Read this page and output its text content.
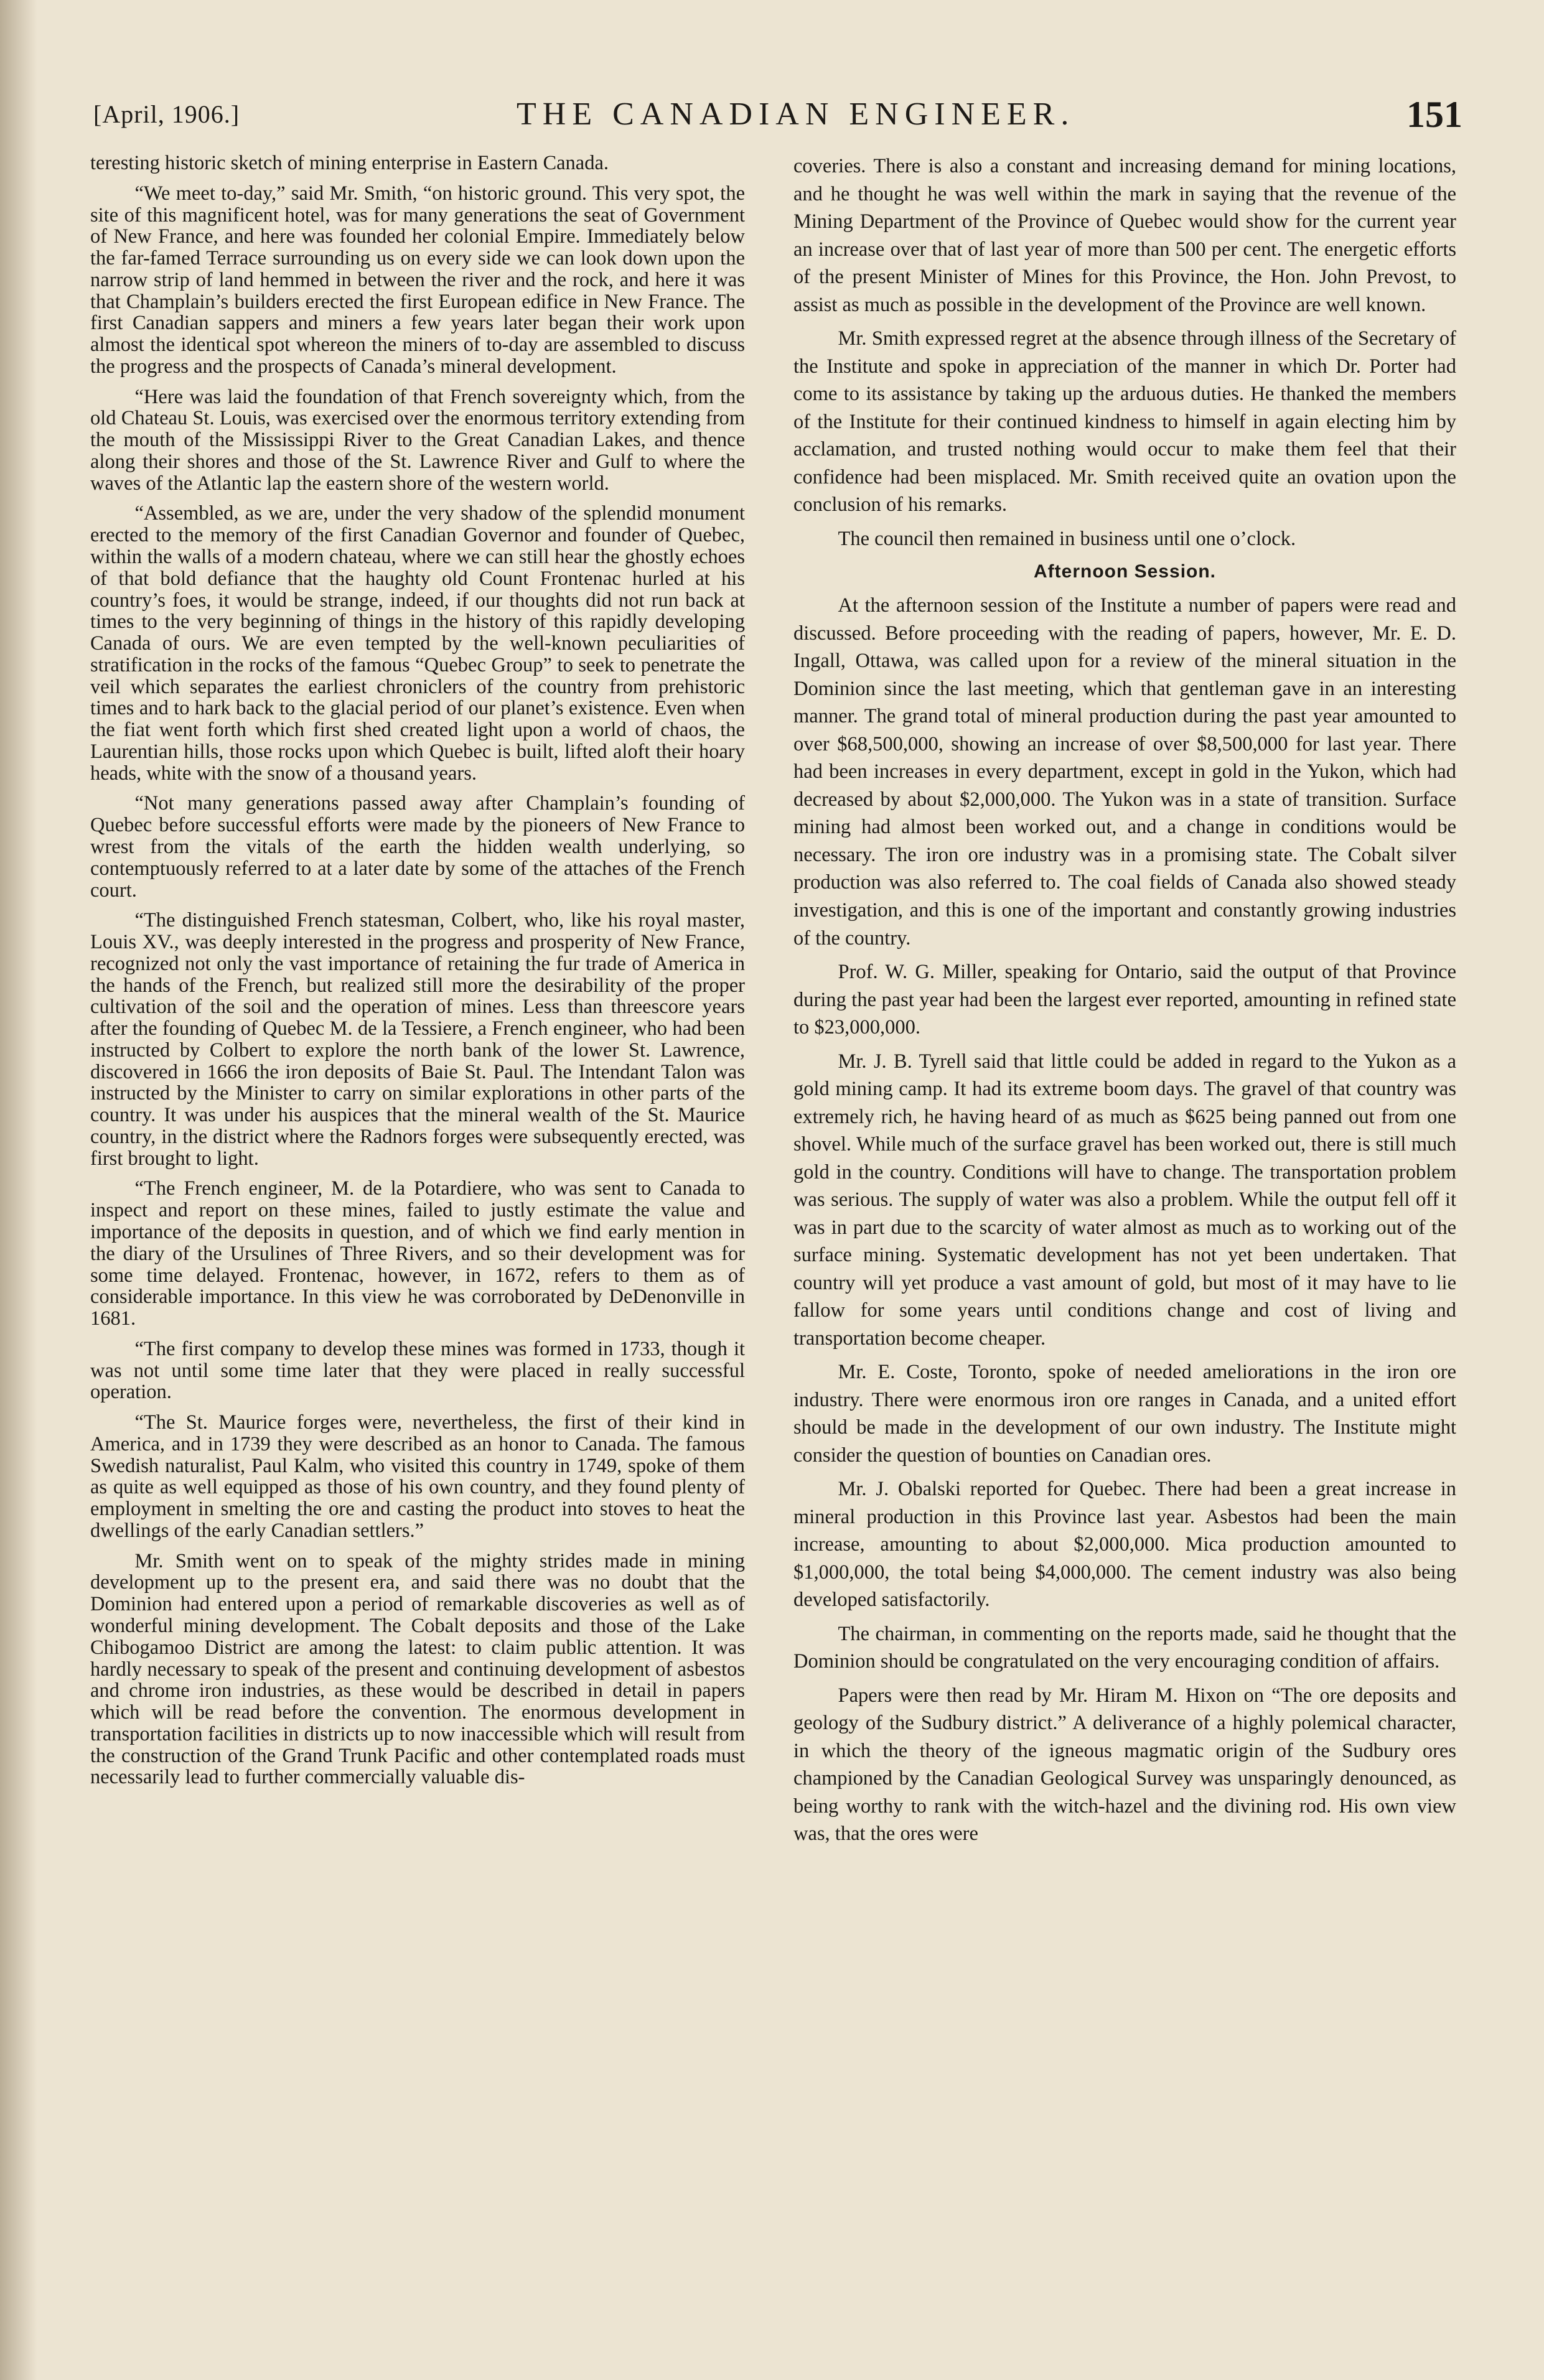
[April, 1906.]	THE CANADIAN ENGINEER.	151

teresting historic sketch of mining enterprise in Eastern Canada.

“We meet to-day,” said Mr. Smith, “on historic ground. This very spot, the site of this magnificent hotel, was for many generations the seat of Government of New France, and here was founded her colonial Empire. Immediately below the far-famed Terrace surrounding us on every side we can look down upon the narrow strip of land hemmed in between the river and the rock, and here it was that Champlain’s builders erected the first European edifice in New France. The first Canadian sappers and miners a few years later began their work upon almost the identical spot whereon the miners of to-day are assembled to discuss the progress and the prospects of Canada’s mineral development.

“Here was laid the foundation of that French sovereignty which, from the old Chateau St. Louis, was exercised over the enormous territory extending from the mouth of the Mississippi River to the Great Canadian Lakes, and thence along their shores and those of the St. Lawrence River and Gulf to where the waves of the Atlantic lap the eastern shore of the western world.

“Assembled, as we are, under the very shadow of the splendid monument erected to the memory of the first Canadian Governor and founder of Quebec, within the walls of a modern chateau, where we can still hear the ghostly echoes of that bold defiance that the haughty old Count Frontenac hurled at his country’s foes, it would be strange, indeed, if our thoughts did not run back at times to the very beginning of things in the history of this rapidly developing Canada of ours. We are even tempted by the well-known peculiarities of stratification in the rocks of the famous “Quebec Group” to seek to penetrate the veil which separates the earliest chroniclers of the country from prehistoric times and to hark back to the glacial period of our planet’s existence. Even when the fiat went forth which first shed created light upon a world of chaos, the Laurentian hills, those rocks upon which Quebec is built, lifted aloft their hoary heads, white with the snow of a thousand years.

“Not many generations passed away after Champlain’s founding of Quebec before successful efforts were made by the pioneers of New France to wrest from the vitals of the earth the hidden wealth underlying, so contemptuously referred to at a later date by some of the attaches of the French court.

“The distinguished French statesman, Colbert, who, like his royal master, Louis XV., was deeply interested in the progress and prosperity of New France, recognized not only the vast importance of retaining the fur trade of America in the hands of the French, but realized still more the desirability of the proper cultivation of the soil and the operation of mines. Less than threescore years after the founding of Quebec M. de la Tessiere, a French engineer, who had been instructed by Colbert to explore the north bank of the lower St. Lawrence, discovered in 1666 the iron deposits of Baie St. Paul. The Intendant Talon was instructed by the Minister to carry on similar explorations in other parts of the country. It was under his auspices that the mineral wealth of the St. Maurice country, in the district where the Radnors forges were subsequently erected, was first brought to light.

“The French engineer, M. de la Potardiere, who was sent to Canada to inspect and report on these mines, failed to justly estimate the value and importance of the deposits in question, and of which we find early mention in the diary of the Ursulines of Three Rivers, and so their development was for some time delayed. Frontenac, however, in 1672, refers to them as of considerable importance. In this view he was corroborated by DeDenonville in 1681.

“The first company to develop these mines was formed in 1733, though it was not until some time later that they were placed in really successful operation.

“The St. Maurice forges were, nevertheless, the first of their kind in America, and in 1739 they were described as an honor to Canada. The famous Swedish naturalist, Paul Kalm, who visited this country in 1749, spoke of them as quite as well equipped as those of his own country, and they found plenty of employment in smelting the ore and casting the product into stoves to heat the dwellings of the early Canadian settlers.”

Mr. Smith went on to speak of the mighty strides made in mining development up to the present era, and said there was no doubt that the Dominion had entered upon a period of remarkable discoveries as well as of wonderful mining development. The Cobalt deposits and those of the Lake Chibogamoo District are among the latest: to claim public attention. It was hardly necessary to speak of the present and continuing development of asbestos and chrome iron industries, as these would be described in detail in papers which will be read before the convention. The enormous development in transportation facilities in districts up to now inaccessible which will result from the construction of the Grand Trunk Pacific and other contemplated roads must necessarily lead to further commercially valuable dis-

coveries. There is also a constant and increasing demand for mining locations, and he thought he was well within the mark in saying that the revenue of the Mining Department of the Province of Quebec would show for the current year an increase over that of last year of more than 500 per cent. The energetic efforts of the present Minister of Mines for this Province, the Hon. John Prevost, to assist as much as possible in the development of the Province are well known.

Mr. Smith expressed regret at the absence through illness of the Secretary of the Institute and spoke in appreciation of the manner in which Dr. Porter had come to its assistance by taking up the arduous duties. He thanked the members of the Institute for their continued kindness to himself in again electing him by acclamation, and trusted nothing would occur to make them feel that their confidence had been misplaced. Mr. Smith received quite an ovation upon the conclusion of his remarks.

The council then remained in business until one o’clock.

Afternoon Session.

At the afternoon session of the Institute a number of papers were read and discussed. Before proceeding with the reading of papers, however, Mr. E. D. Ingall, Ottawa, was called upon for a review of the mineral situation in the Dominion since the last meeting, which that gentleman gave in an interesting manner. The grand total of mineral production during the past year amounted to over $68,500,000, showing an increase of over $8,500,000 for last year. There had been increases in every department, except in gold in the Yukon, which had decreased by about $2,000,000. The Yukon was in a state of transition. Surface mining had almost been worked out, and a change in conditions would be necessary. The iron ore industry was in a promising state. The Cobalt silver production was also referred to. The coal fields of Canada also showed steady investigation, and this is one of the important and constantly growing industries of the country.

Prof. W. G. Miller, speaking for Ontario, said the output of that Province during the past year had been the largest ever reported, amounting in refined state to $23,000,000.

Mr. J. B. Tyrell said that little could be added in regard to the Yukon as a gold mining camp. It had its extreme boom days. The gravel of that country was extremely rich, he having heard of as much as $625 being panned out from one shovel. While much of the surface gravel has been worked out, there is still much gold in the country. Conditions will have to change. The transportation problem was serious. The supply of water was also a problem. While the output fell off it was in part due to the scarcity of water almost as much as to working out of the surface mining. Systematic development has not yet been undertaken. That country will yet produce a vast amount of gold, but most of it may have to lie fallow for some years until conditions change and cost of living and transportation become cheaper.

Mr. E. Coste, Toronto, spoke of needed ameliorations in the iron ore industry. There were enormous iron ore ranges in Canada, and a united effort should be made in the development of our own industry. The Institute might consider the question of bounties on Canadian ores.

Mr. J. Obalski reported for Quebec. There had been a great increase in mineral production in this Province last year. Asbestos had been the main increase, amounting to about $2,000,000. Mica production amounted to $1,000,000, the total being $4,000,000. The cement industry was also being developed satisfactorily.

The chairman, in commenting on the reports made, said he thought that the Dominion should be congratulated on the very encouraging condition of affairs.

Papers were then read by Mr. Hiram M. Hixon on “The ore deposits and geology of the Sudbury district.” A deliverance of a highly polemical character, in which the theory of the igneous magmatic origin of the Sudbury ores championed by the Canadian Geological Survey was unsparingly denounced, as being worthy to rank with the witch-hazel and the divining rod. His own view was, that the ores were
